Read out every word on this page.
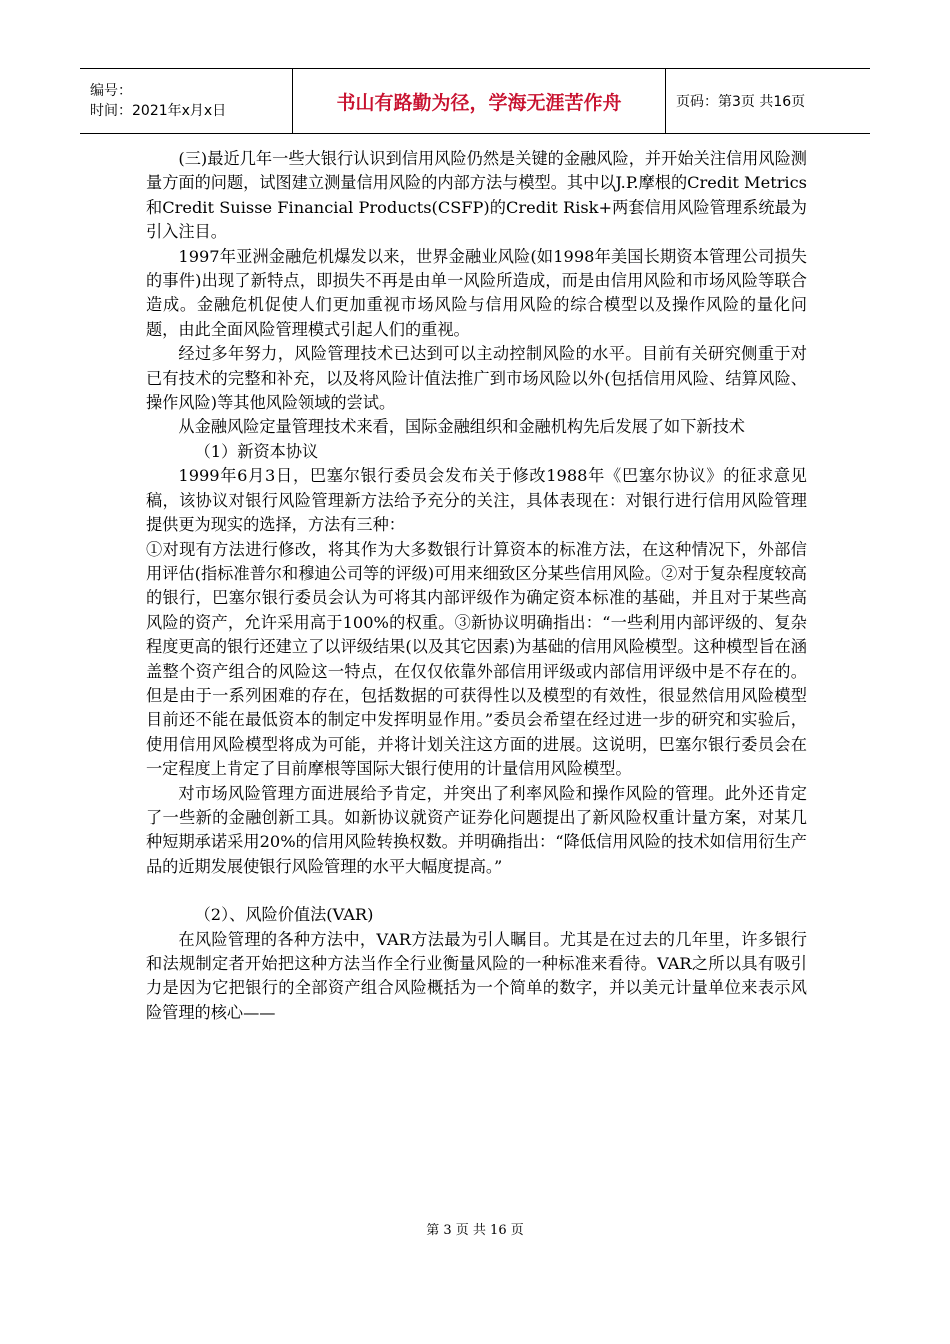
编号：
时间：2021年x月x日	书山有路勤为径，学海无涯苦作舟	页码：第3页 共16页

(三)最近几年一些大银行认识到信用风险仍然是关键的金融风险，并开始关注信用风险测量方面的问题，试图建立测量信用风险的内部方法与模型。其中以J.P.摩根的Credit Metrics和Credit Suisse Financial Products(CSFP)的Credit Risk+两套信用风险管理系统最为引入注目。

1997年亚洲金融危机爆发以来，世界金融业风险(如1998年美国长期资本管理公司损失的事件)出现了新特点，即损失不再是由单一风险所造成，而是由信用风险和市场风险等联合造成。金融危机促使人们更加重视市场风险与信用风险的综合模型以及操作风险的量化问题，由此全面风险管理模式引起人们的重视。

经过多年努力，风险管理技术已达到可以主动控制风险的水平。目前有关研究侧重于对已有技术的完整和补充，以及将风险计值法推广到市场风险以外(包括信用风险、结算风险、操作风险)等其他风险领域的尝试。

从金融风险定量管理技术来看，国际金融组织和金融机构先后发展了如下新技术

（1）新资本协议

1999年6月3日，巴塞尔银行委员会发布关于修改1988年《巴塞尔协议》的征求意见稿，该协议对银行风险管理新方法给予充分的关注，具体表现在：对银行进行信用风险管理提供更为现实的选择，方法有三种：

①对现有方法进行修改，将其作为大多数银行计算资本的标准方法，在这种情况下，外部信用评估(指标准普尔和穆迪公司等的评级)可用来细致区分某些信用风险。②对于复杂程度较高的银行，巴塞尔银行委员会认为可将其内部评级作为确定资本标准的基础，并且对于某些高风险的资产，允许采用高于100%的权重。③新协议明确指出：“一些利用内部评级的、复杂程度更高的银行还建立了以评级结果(以及其它因素)为基础的信用风险模型。这种模型旨在涵盖整个资产组合的风险这一特点，在仅仅依靠外部信用评级或内部信用评级中是不存在的。但是由于一系列困难的存在，包括数据的可获得性以及模型的有效性，很显然信用风险模型目前还不能在最低资本的制定中发挥明显作用。”委员会希望在经过进一步的研究和实验后，使用信用风险模型将成为可能，并将计划关注这方面的进展。这说明，巴塞尔银行委员会在一定程度上肯定了目前摩根等国际大银行使用的计量信用风险模型。

对市场风险管理方面进展给予肯定，并突出了利率风险和操作风险的管理。此外还肯定了一些新的金融创新工具。如新协议就资产证券化问题提出了新风险权重计量方案，对某几种短期承诺采用20%的信用风险转换权数。并明确指出：“降低信用风险的技术如信用衍生产品的近期发展使银行风险管理的水平大幅度提高。”

（2）、风险价值法(VAR)

在风险管理的各种方法中，VAR方法最为引人瞩目。尤其是在过去的几年里，许多银行和法规制定者开始把这种方法当作全行业衡量风险的一种标准来看待。VAR之所以具有吸引力是因为它把银行的全部资产组合风险概括为一个简单的数字，并以美元计量单位来表示风险管理的核心——

第 3 页 共 16 页
